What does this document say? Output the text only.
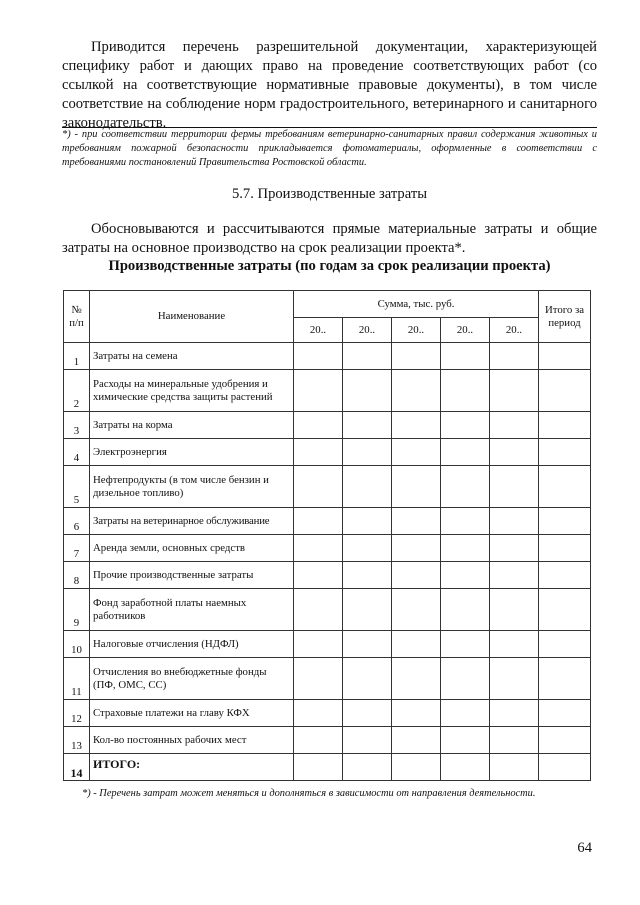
Приводится перечень разрешительной документации, характеризующей специфику работ и дающих право на проведение соответствующих работ (со ссылкой на соответствующие нормативные правовые документы), в том числе соответствие на соблюдение норм градостроительного, ветеринарного и санитарного законодательств.

*) - при соответствии территории фермы требованиям ветеринарно-санитарных правил содержания животных и требованиям пожарной безопасности прикладывается фотоматериалы, оформленные в соответствии с требованиями постановлений Правительства Ростовской области.

5.7. Производственные затраты

Обосновываются и рассчитываются прямые материальные затраты и общие затраты на основное производство на срок реализации проекта*.

Производственные затраты (по годам за срок реализации проекта)
№ п/п	Наименование	Сумма, тыс. руб.					Итого за период
		20..	20..	20..	20..	20..	
1	Затраты на семена						
2	Расходы на минеральные удобрения и химические средства защиты растений						
3	Затраты на корма						
4	Электроэнергия						
5	Нефтепродукты (в том числе бензин и дизельное топливо)						
6	Затраты на ветеринарное обслуживание						
7	Аренда земли, основных средств						
8	Прочие производственные затраты						
9	Фонд заработной платы наемных работников						
10	Налоговые отчисления (НДФЛ)						
11	Отчисления во внебюджетные фонды (ПФ, ОМС, СС)						
12	Страховые платежи на главу КФХ						
13	Кол-во постоянных рабочих мест						
14	ИТОГО:						

*) - Перечень затрат может меняться и дополняться в зависимости от направления деятельности.

64
